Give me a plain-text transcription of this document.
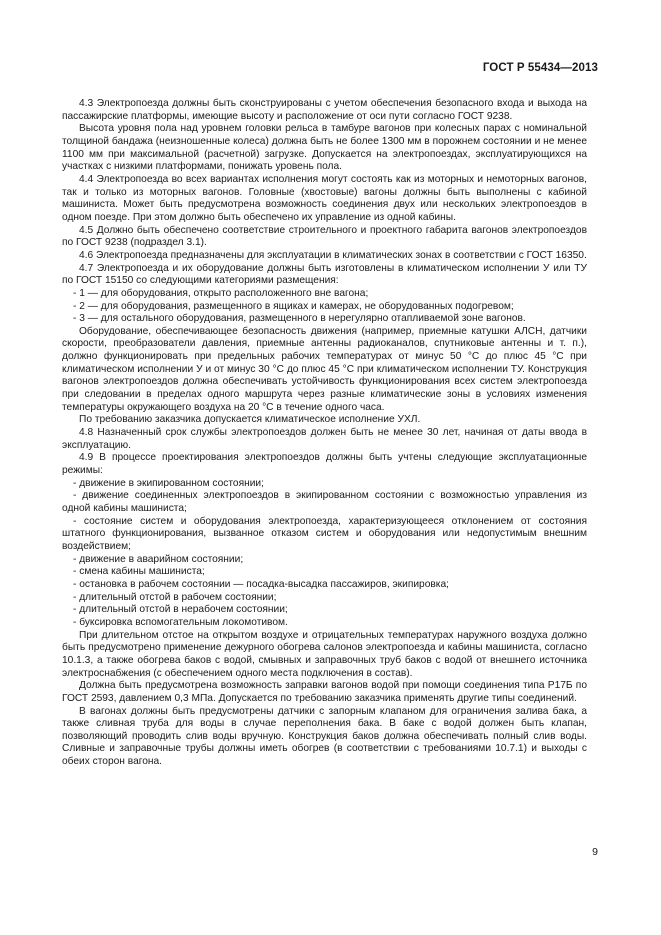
ГОСТ Р 55434—2013

4.3 Электропоезда должны быть сконструированы с учетом обеспечения безопасного входа и выхода на пассажирские платформы, имеющие высоту и расположение от оси пути согласно ГОСТ 9238.

Высота уровня пола над уровнем головки рельса в тамбуре вагонов при колесных парах с номинальной толщиной бандажа (неизношенные колеса) должна быть не более 1300 мм в порожнем состоянии и не менее 1100 мм при максимальной (расчетной) загрузке. Допускается на электропоездах, эксплуатирующихся на участках с низкими платформами, понижать уровень пола.

4.4 Электропоезда во всех вариантах исполнения могут состоять как из моторных и немоторных вагонов, так и только из моторных вагонов. Головные (хвостовые) вагоны должны быть выполнены с кабиной машиниста. Может быть предусмотрена возможность соединения двух или нескольких электропоездов в одном поезде. При этом должно быть обеспечено их управление из одной кабины.

4.5 Должно быть обеспечено соответствие строительного и проектного габарита вагонов электропоездов по ГОСТ 9238 (подраздел 3.1).

4.6 Электропоезда предназначены для эксплуатации в климатических зонах в соответствии с ГОСТ 16350.

4.7 Электропоезда и их оборудование должны быть изготовлены в климатическом исполнении У или ТУ по ГОСТ 15150 со следующими категориями размещения:

- 1 — для оборудования, открыто расположенного вне вагона;

- 2 — для оборудования, размещенного в ящиках и камерах, не оборудованных подогревом;

- 3 — для остального оборудования, размещенного в нерегулярно отапливаемой зоне вагонов.

Оборудование, обеспечивающее безопасность движения (например, приемные катушки АЛСН, датчики скорости, преобразователи давления, приемные антенны радиоканалов, спутниковые антенны и т. п.), должно функционировать при предельных рабочих температурах от минус 50 °С до плюс 45 °С при климатическом исполнении У и от минус 30 °С до плюс 45 °С при климатическом исполнении ТУ. Конструкция вагонов электропоездов должна обеспечивать устойчивость функционирования всех систем электропоезда при следовании в пределах одного маршрута через разные климатические зоны в условиях изменения температуры окружающего воздуха на 20 °С в течение одного часа.

По требованию заказчика допускается климатическое исполнение УХЛ.

4.8 Назначенный срок службы электропоездов должен быть не менее 30 лет, начиная от даты ввода в эксплуатацию.

4.9 В процессе проектирования электропоездов должны быть учтены следующие эксплуатационные режимы:

- движение в экипированном состоянии;

- движение соединенных электропоездов в экипированном состоянии с возможностью управления из одной кабины машиниста;

- состояние систем и оборудования электропоезда, характеризующееся отклонением от состояния штатного функционирования, вызванное отказом систем и оборудования или недопустимым внешним воздействием;

- движение в аварийном состоянии;

- смена кабины машиниста;

- остановка в рабочем состоянии — посадка-высадка пассажиров, экипировка;

- длительный отстой в рабочем состоянии;

- длительный отстой в нерабочем состоянии;

- буксировка вспомогательным локомотивом.

При длительном отстое на открытом воздухе и отрицательных температурах наружного воздуха должно быть предусмотрено применение дежурного обогрева салонов электропоезда и кабины машиниста, согласно 10.1.3, а также обогрева баков с водой, смывных и заправочных труб баков с водой от внешнего источника электроснабжения (с обеспечением одного места подключения в состав).

Должна быть предусмотрена возможность заправки вагонов водой при помощи соединения типа Р17Б по ГОСТ 2593, давлением 0,3 МПа. Допускается по требованию заказчика применять другие типы соединений.

В вагонах должны быть предусмотрены датчики с запорным клапаном для ограничения залива бака, а также сливная труба для воды в случае переполнения бака. В баке с водой должен быть клапан, позволяющий проводить слив воды вручную. Конструкция баков должна обеспечивать полный слив воды. Сливные и заправочные трубы должны иметь обогрев (в соответствии с требованиями 10.7.1) и выходы с обеих сторон вагона.

9
